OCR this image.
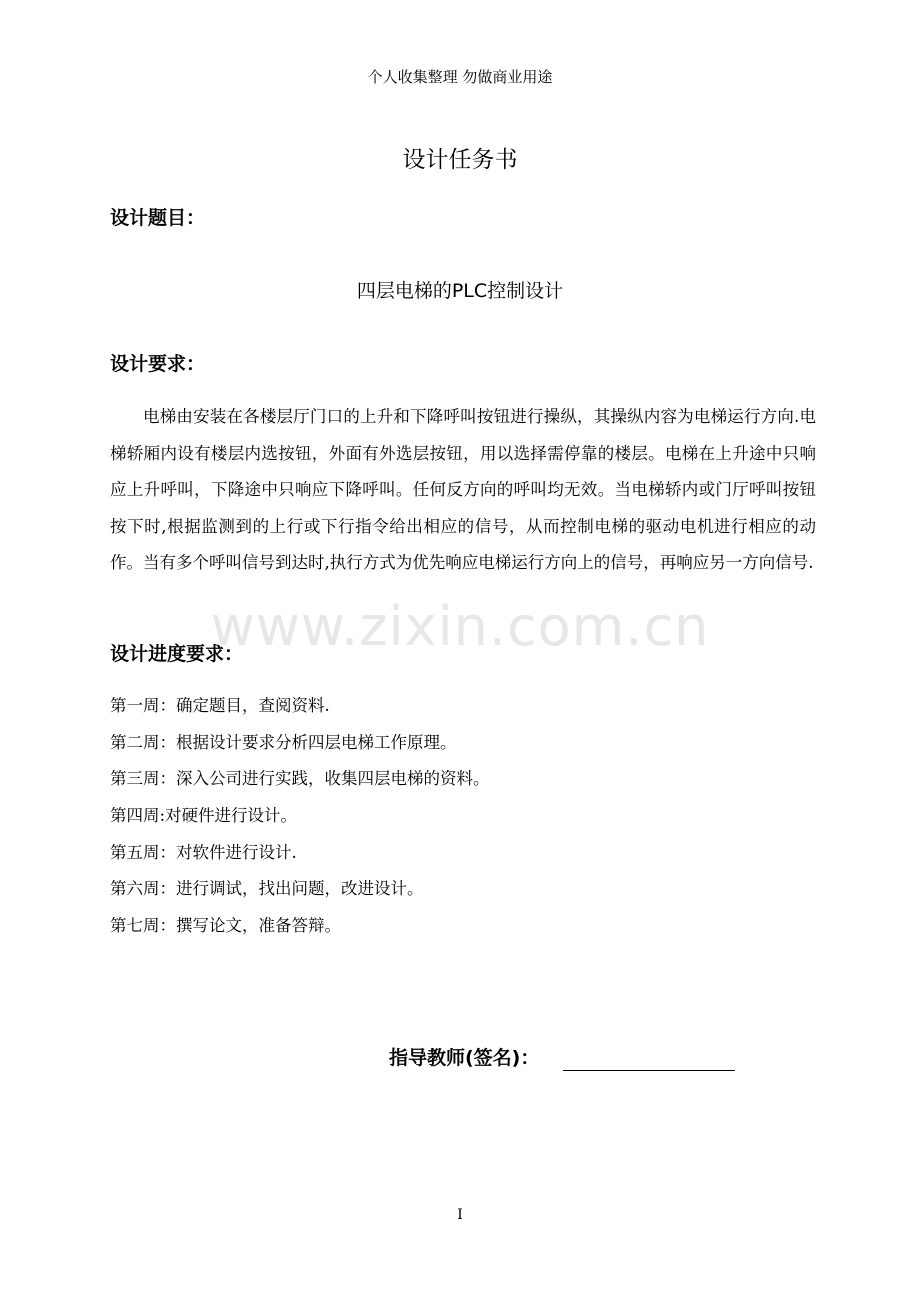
www.zixin.com.cn
个人收集整理 勿做商业用途
设计任务书
设计题目：
四层电梯的PLC控制设计
设计要求：

电梯由安装在各楼层厅门口的上升和下降呼叫按钮进行操纵，其操纵内容为电梯运行方向.电梯轿厢内设有楼层内选按钮，外面有外选层按钮，用以选择需停靠的楼层。电梯在上升途中只响应上升呼叫，下降途中只响应下降呼叫。任何反方向的呼叫均无效。当电梯轿内或门厅呼叫按钮按下时,根据监测到的上行或下行指令给出相应的信号，从而控制电梯的驱动电机进行相应的动作。当有多个呼叫信号到达时,执行方式为优先响应电梯运行方向上的信号，再响应另一方向信号.

设计进度要求：
第一周：确定题目，查阅资料.
第二周：根据设计要求分析四层电梯工作原理。
第三周：深入公司进行实践，收集四层电梯的资料。
第四周:对硬件进行设计。
第五周：对软件进行设计.
第六周：进行调试，找出问题，改进设计。
第七周：撰写论文，准备答辩。
指导教师(签名)：
I
